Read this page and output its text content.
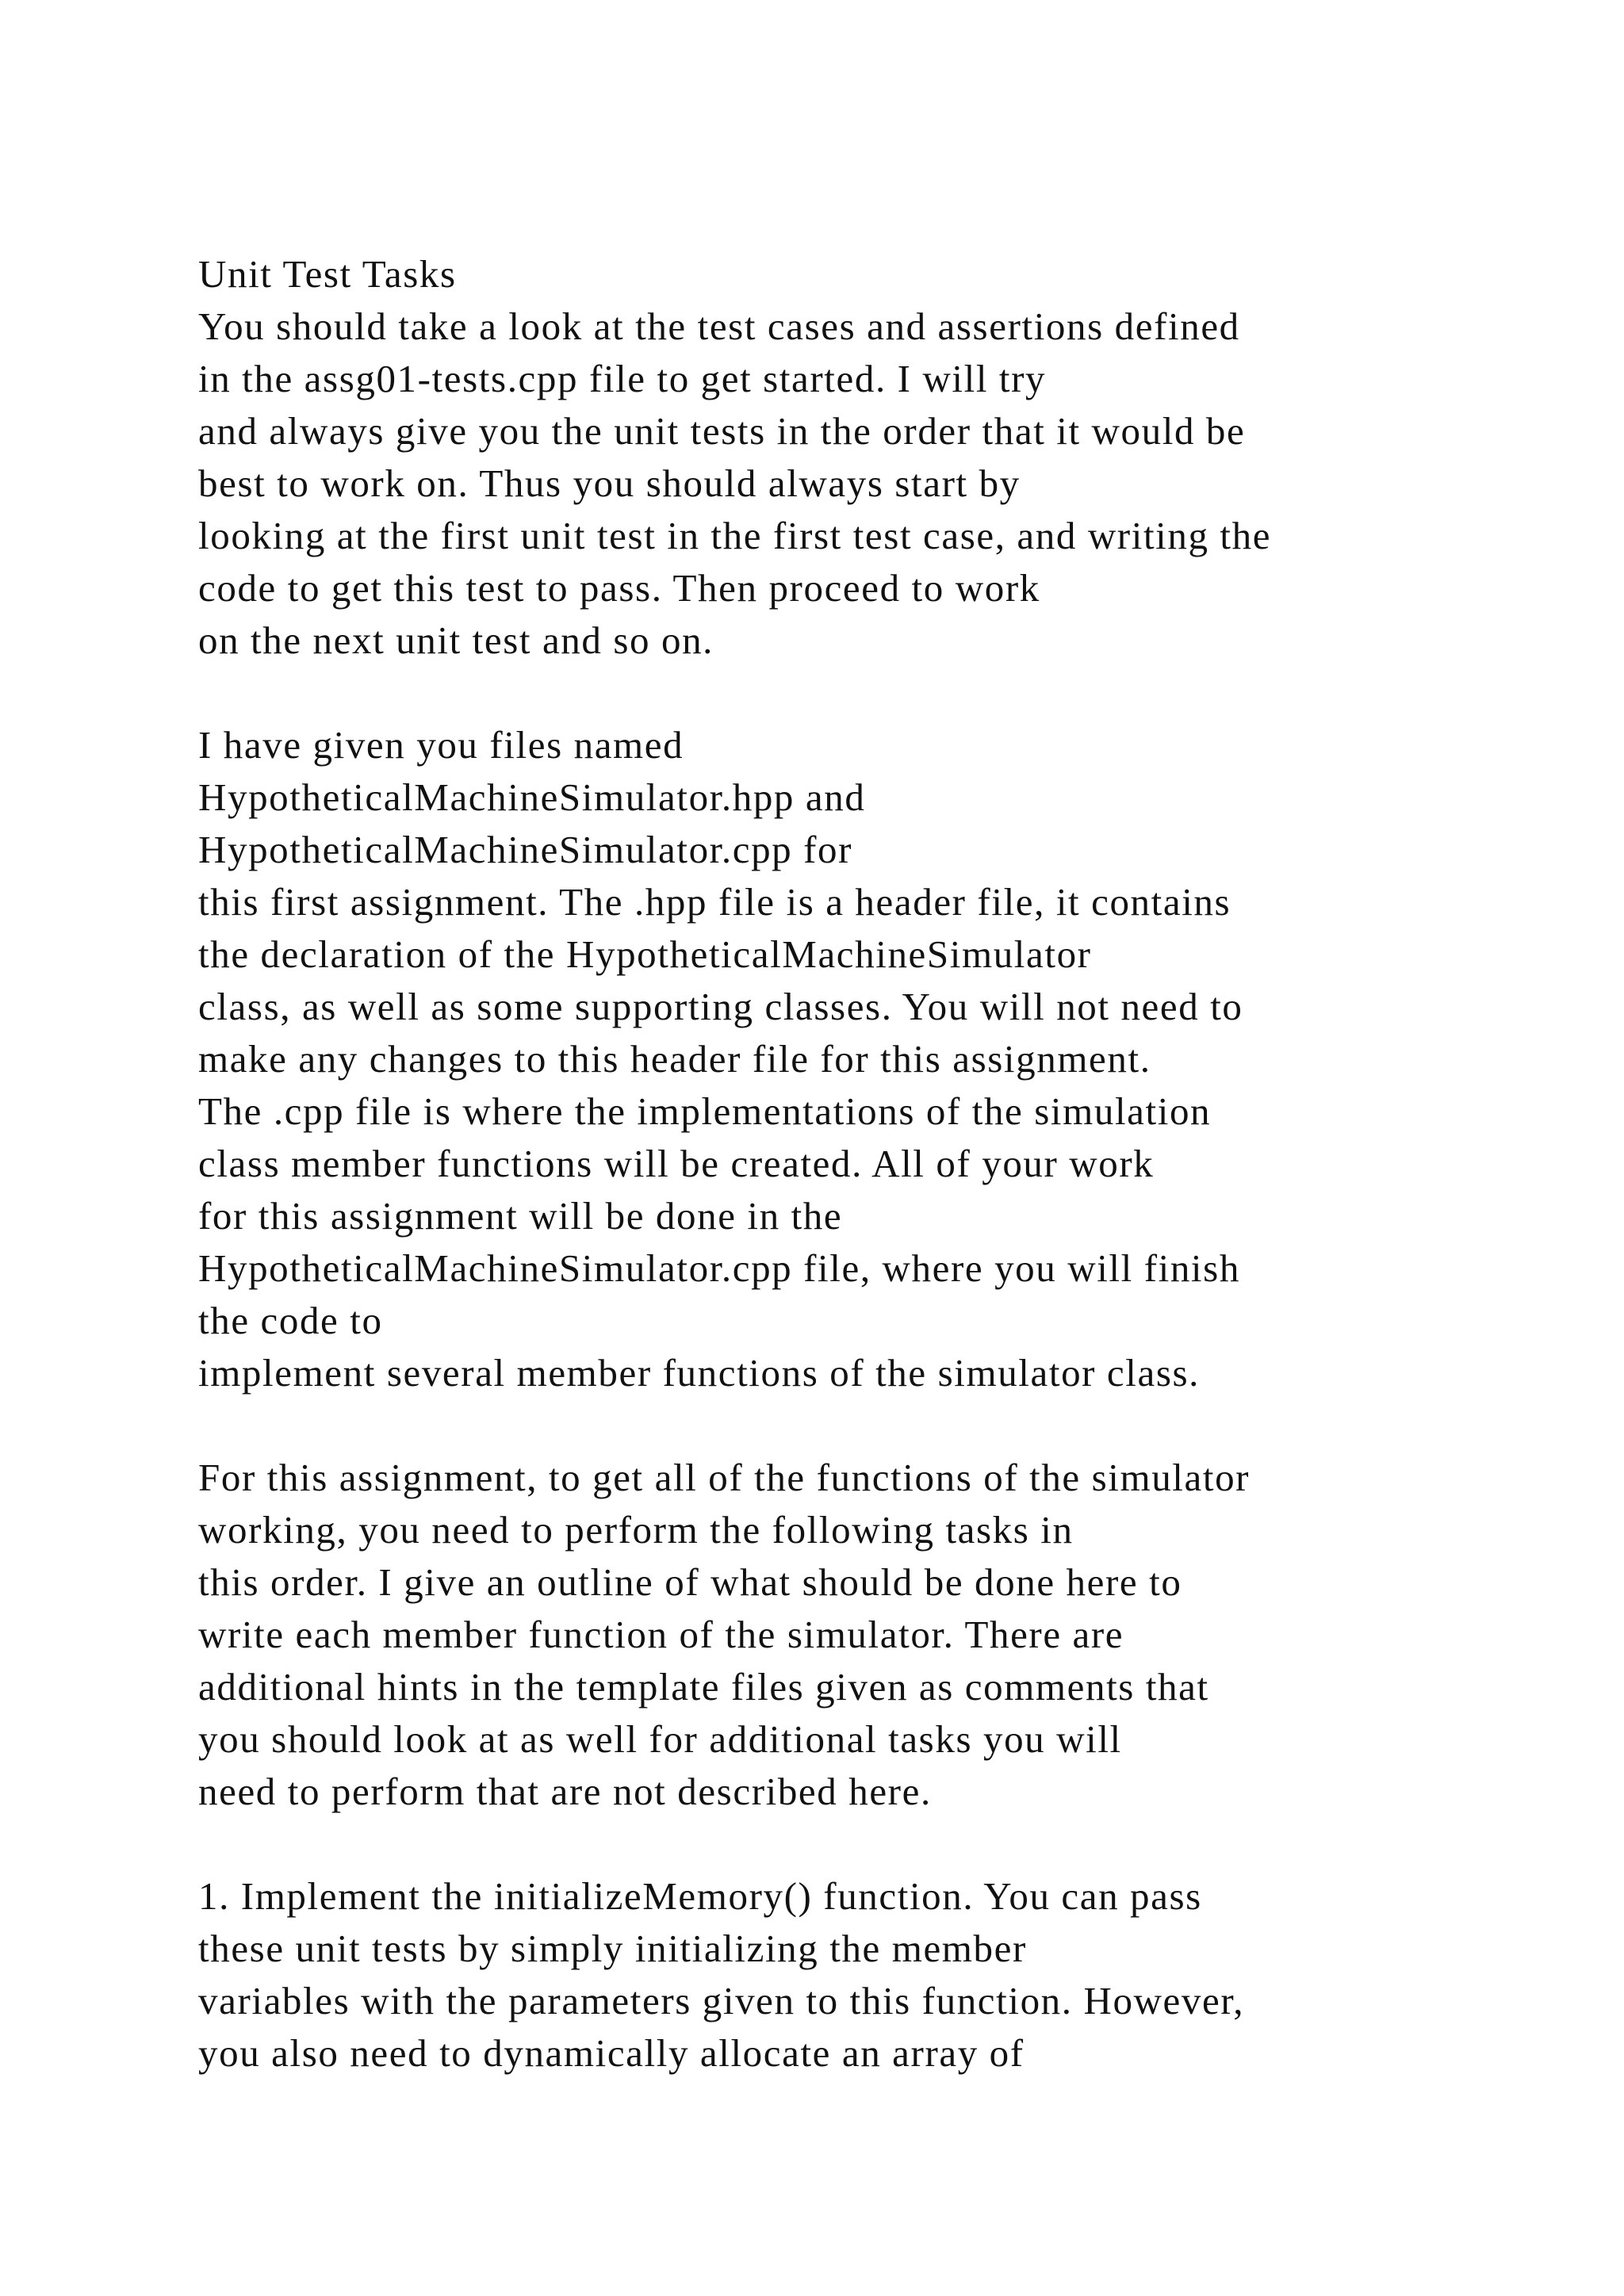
Unit Test Tasks
You should take a look at the test cases and assertions defined
in the assg01-tests.cpp file to get started. I will try
and always give you the unit tests in the order that it would be
best to work on. Thus you should always start by
looking at the first unit test in the first test case, and writing the
code to get this test to pass. Then proceed to work
on the next unit test and so on.
I have given you files named
HypotheticalMachineSimulator.hpp and
HypotheticalMachineSimulator.cpp for
this first assignment. The .hpp file is a header file, it contains
the declaration of the HypotheticalMachineSimulator
class, as well as some supporting classes. You will not need to
make any changes to this header file for this assignment.
The .cpp file is where the implementations of the simulation
class member functions will be created. All of your work
for this assignment will be done in the
HypotheticalMachineSimulator.cpp file, where you will finish
the code to
implement several member functions of the simulator class.
For this assignment, to get all of the functions of the simulator
working, you need to perform the following tasks in
this order. I give an outline of what should be done here to
write each member function of the simulator. There are
additional hints in the template files given as comments that
you should look at as well for additional tasks you will
need to perform that are not described here.
1. Implement the initializeMemory() function. You can pass
these unit tests by simply initializing the member
variables with the parameters given to this function. However,
you also need to dynamically allocate an array of
